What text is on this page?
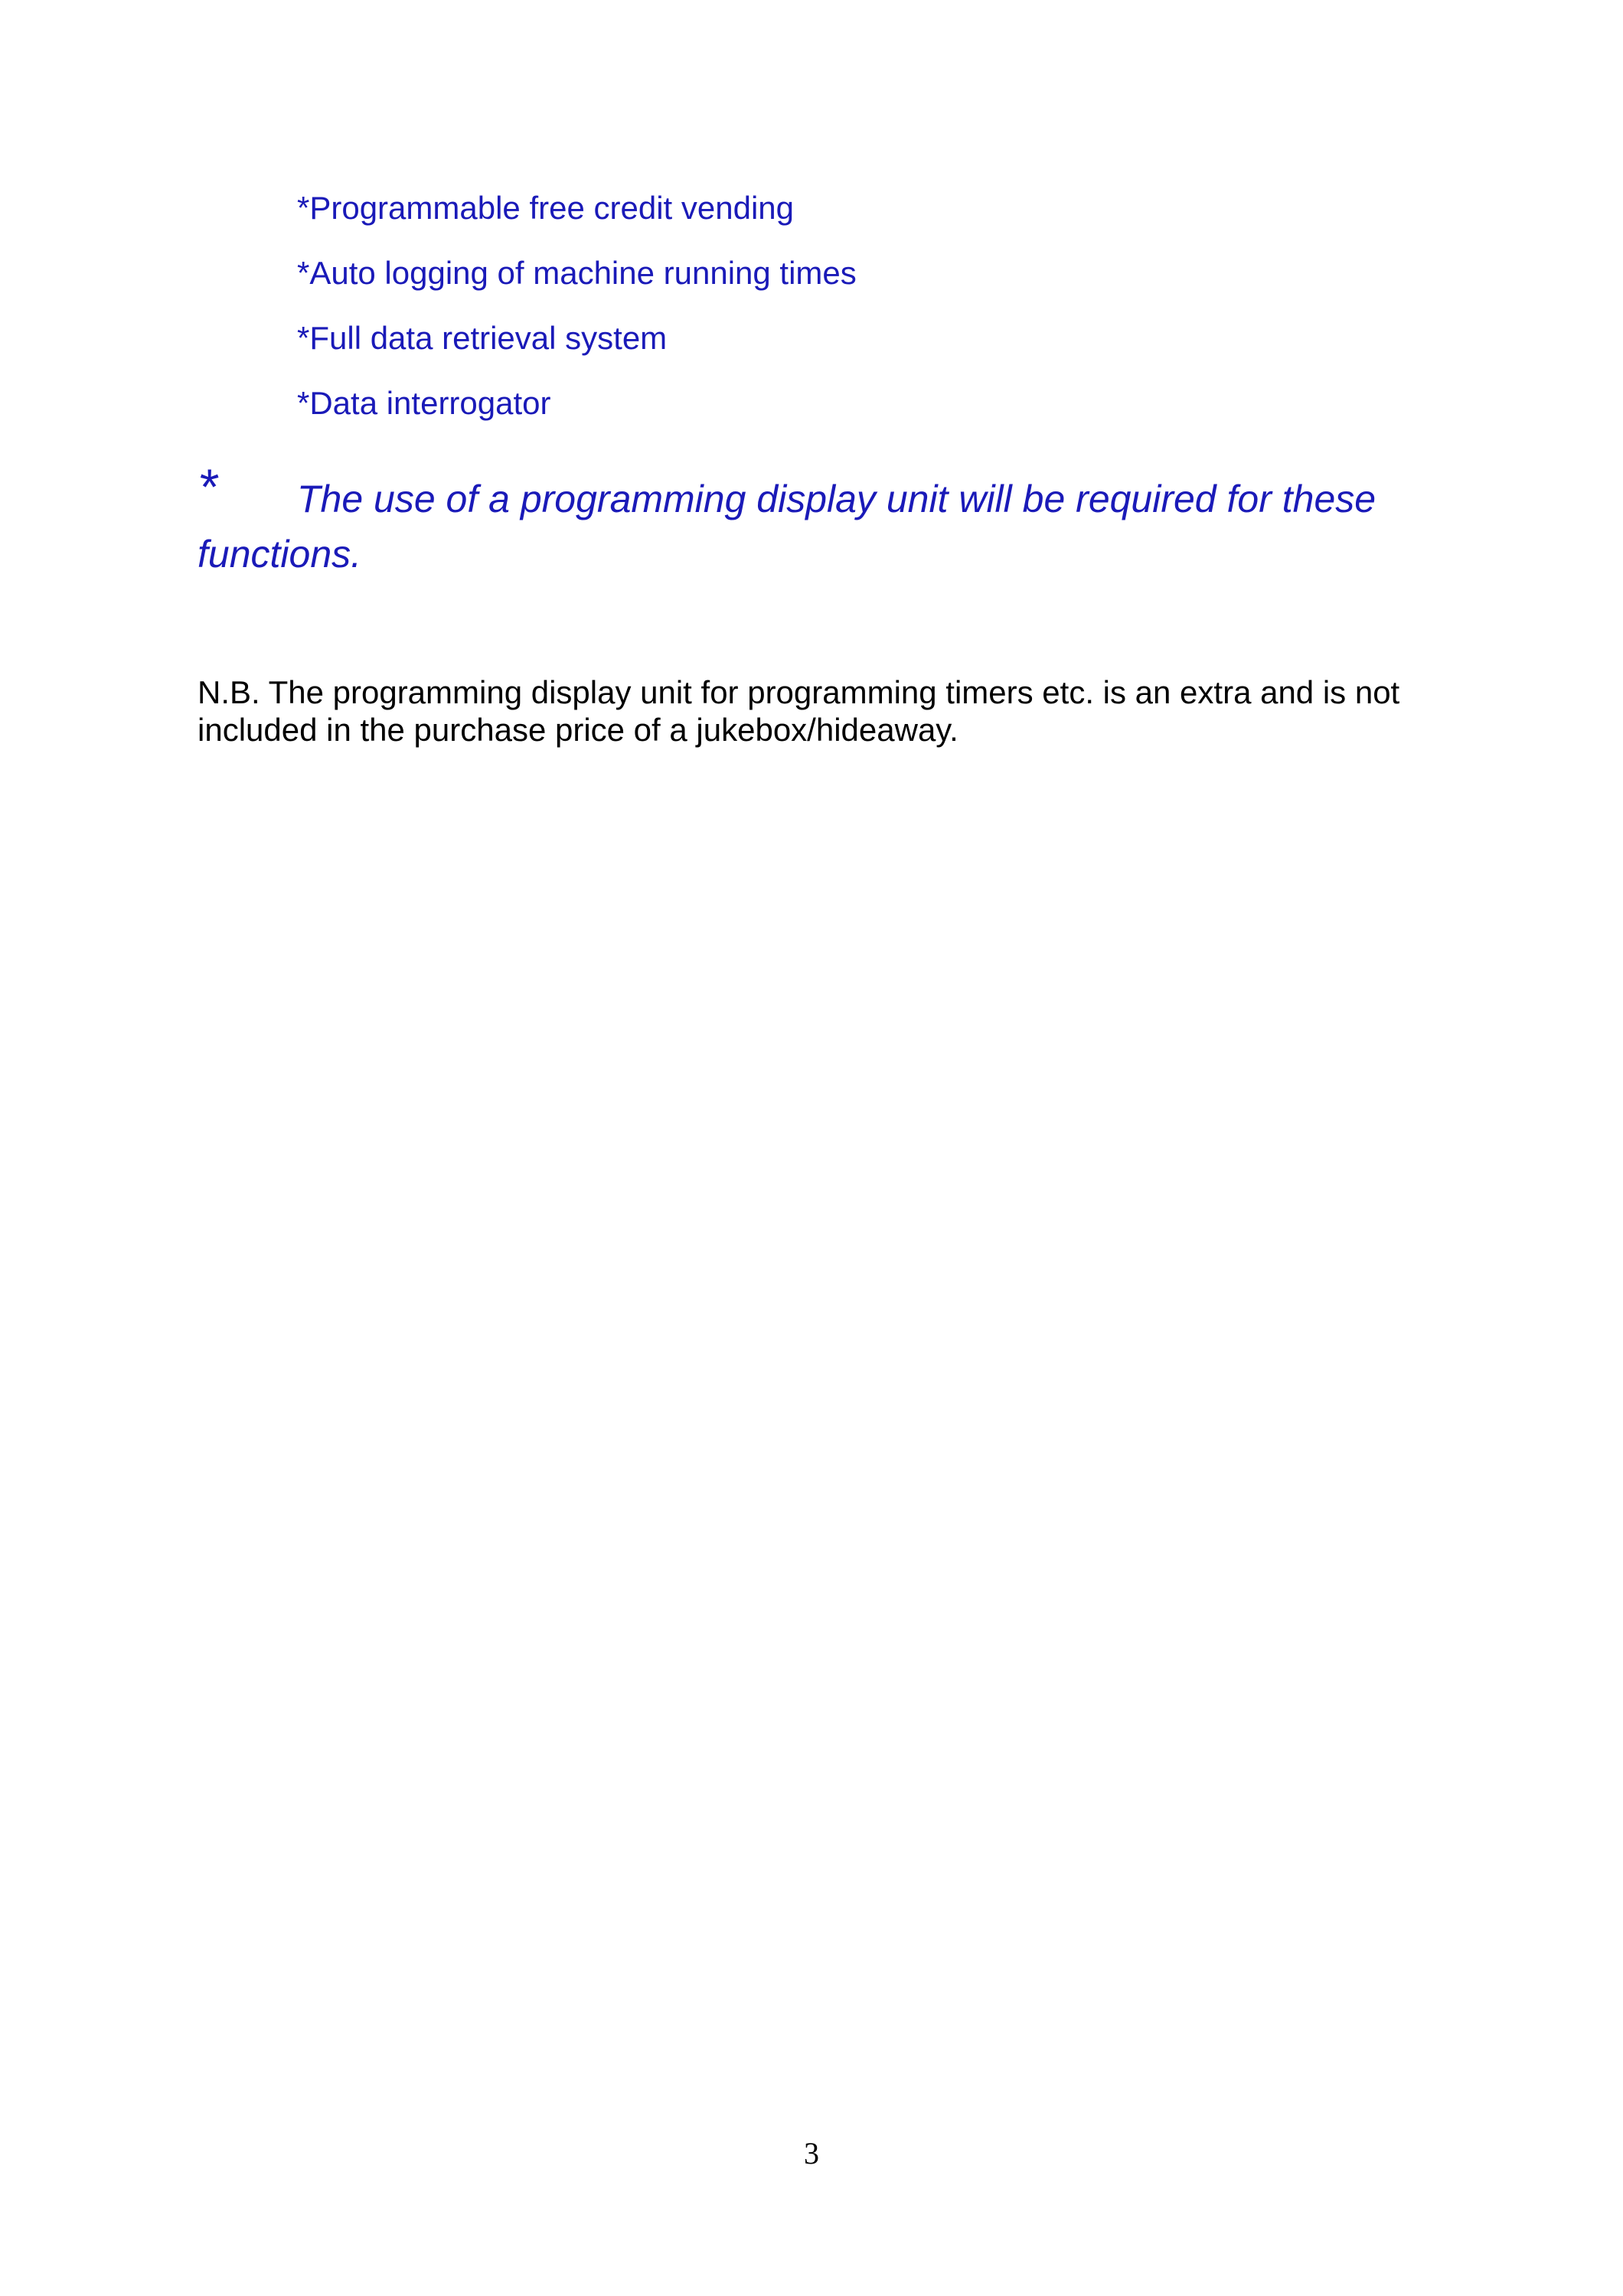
*Programmable free credit vending
*Auto logging of machine running times
*Full data retrieval system
*Data interrogator
* The use of a programming display unit will be required for these functions.
N.B. The programming display unit for programming timers etc. is an extra and is not included in the purchase price of a jukebox/hideaway.
3
